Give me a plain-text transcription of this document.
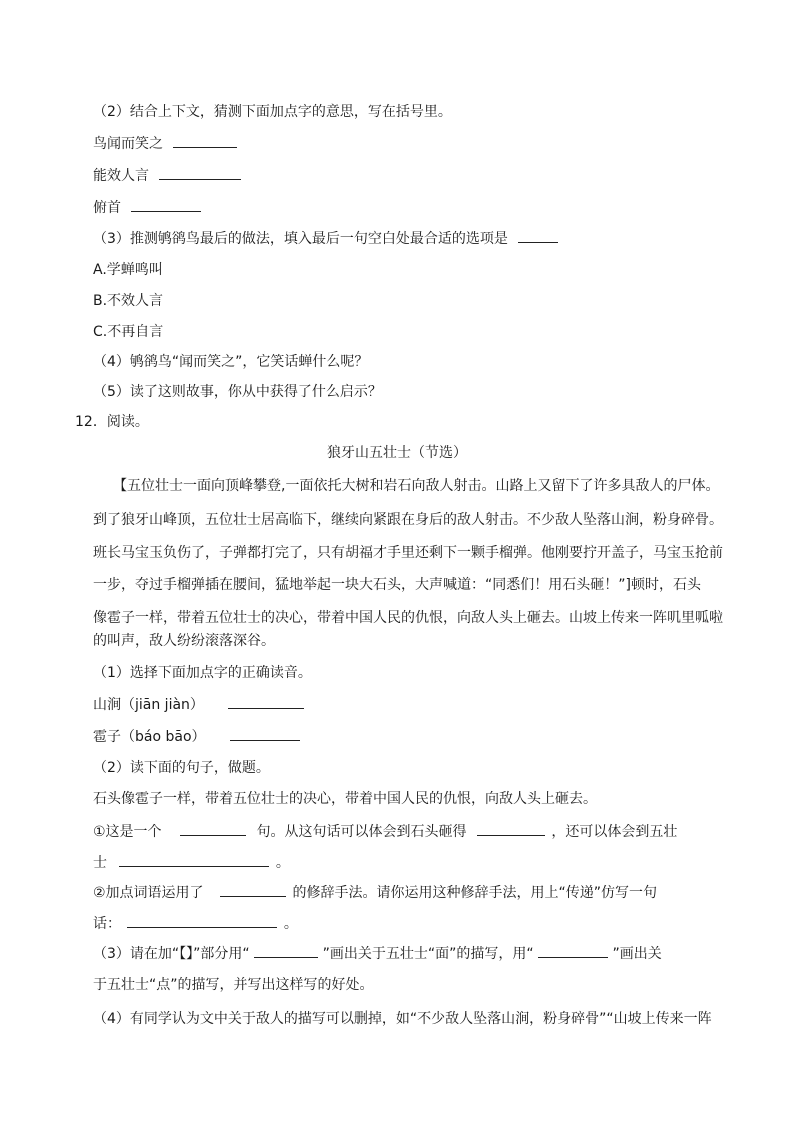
（2）结合上下文，猜测下面加点字的意思，写在括号里。
鸟闻而笑之
能效人言
俯首
（3）推测鸲鹆鸟最后的做法，填入最后一句空白处最合适的选项是
A.学蝉鸣叫
B.不效人言
C.不再自言
（4）鸲鹆鸟“闻而笑之”，它笑话蝉什么呢？
（5）读了这则故事，你从中获得了什么启示？
12．阅读。
狼牙山五壮士（节选）
【五位壮士一面向顶峰攀登,一面依托大树和岩石向敌人射击。山路上又留下了许多具敌人的尸体。
到了狼牙山峰顶，五位壮士居高临下，继续向紧跟在身后的敌人射击。不少敌人坠落山涧，粉身碎骨。
班长马宝玉负伤了，子弹都打完了，只有胡福才手里还剩下一颗手榴弹。他刚要拧开盖子，马宝玉抢前
一步，夺过手榴弹插在腰间，猛地举起一块大石头，大声喊道：“同悉们！用石头砸！”]顿时，石头
像雹子一样，带着五位壮士的决心，带着中国人民的仇恨，向敌人头上砸去。山坡上传来一阵叽里呱啦
的叫声，敌人纷纷滚落深谷。
（1）选择下面加点字的正确读音。
山涧（jiān jiàn）
雹子（báo bāo）
（2）读下面的句子，做题。
石头像雹子一样，带着五位壮士的决心，带着中国人民的仇恨，向敌人头上砸去。
①这是一个	句。从这句话可以体会到石头砸得	，还可以体会到五壮
士	。
②加点词语运用了	的修辞手法。请你运用这种修辞手法，用上“传递”仿写一句
话：	。
（3）请在加“【】”部分用“	”画出关于五壮士“面”的描写，用“	”画出关
于五壮士“点”的描写，并写出这样写的好处。
（4）有同学认为文中关于敌人的描写可以删掉，如“不少敌人坠落山涧，粉身碎骨”“山坡上传来一阵
